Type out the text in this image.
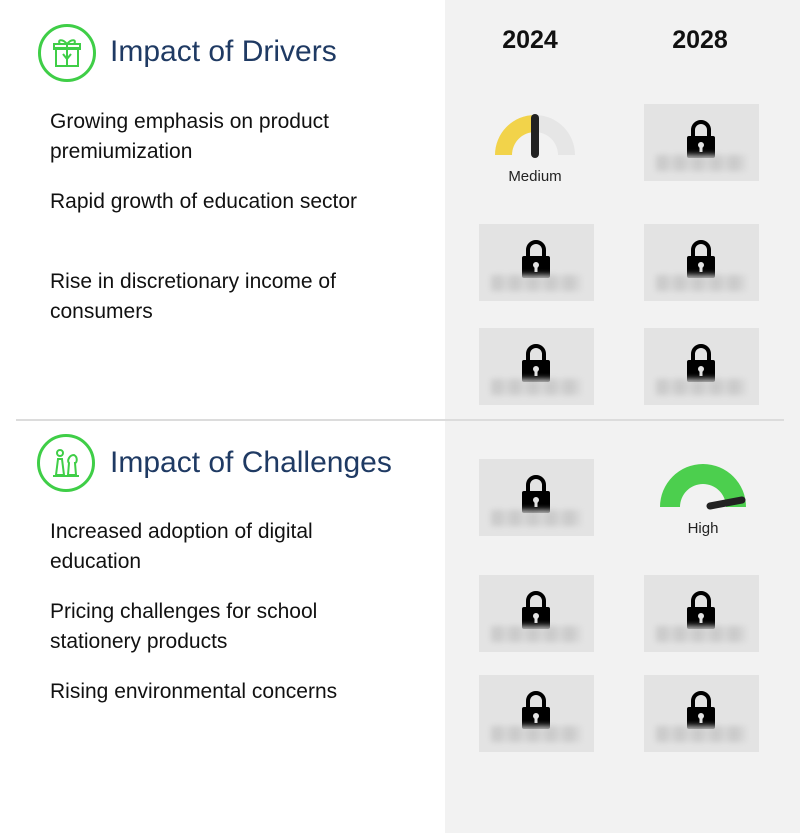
2024	2028
Impact of Drivers
Growing emphasis on product premiumization
Rapid growth of education sector
Rise in discretionary income of consumers
Medium
Impact of Challenges
Increased adoption of digital education
Pricing challenges for school stationery products
Rising environmental concerns
High
